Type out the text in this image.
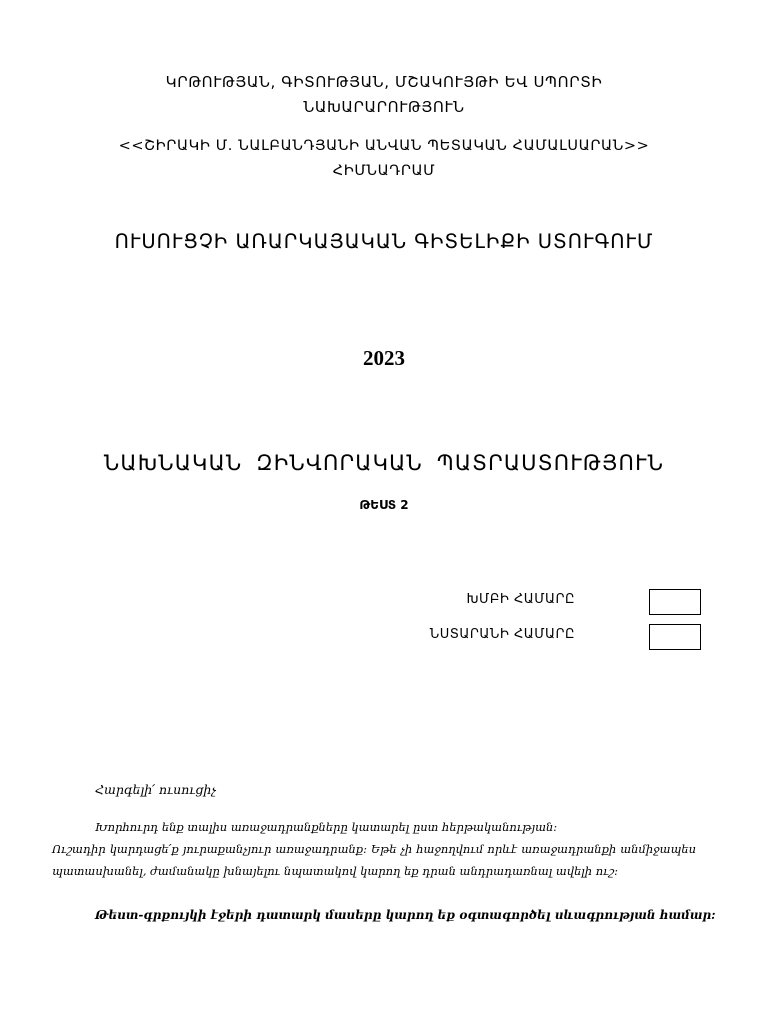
ԿՐԹՈՒԹՅԱՆ, ԳԻՏՈՒԹՅԱՆ, ՄՇԱԿՈՒՅԹԻ ԵՎ ՍՊՈՐՏԻ
ՆԱԽԱՐԱՐՈՒԹՅՈՒՆ
<<ՇԻՐԱԿԻ Մ. ՆԱԼԲԱՆԴՅԱՆԻ ԱՆՎԱՆ ՊԵՏԱԿԱՆ ՀԱՄԱԼՍԱՐԱՆ>>
ՀԻՄՆԱԴՐԱՄ
ՈՒՍՈՒՑՉԻ ԱՌԱՐԿԱՅԱԿԱՆ ԳԻՏԵԼԻՔԻ ՍՏՈՒԳՈՒՄ
2023
ՆԱԽՆԱԿԱՆ ԶԻՆՎՈՐԱԿԱՆ ՊԱՏՐԱՍՏՈՒԹՅՈՒՆ
ԹԵՍՏ 2
ԽՄԲԻ ՀԱՄԱՐԸ
ՆՍՏԱՐԱՆԻ ՀԱՄԱՐԸ
Հարգելի՛ ուսուցիչ
Խորհուրդ ենք տալիս առաջադրանքները կատարել ըստ հերթականության:
Ուշադիր կարդացե՛ք յուրաքանչյուր առաջադրանք: Եթե չի հաջողվում որևէ առաջադրանքի անմիջապես պատասխանել, ժամանակը խնայելու նպատակով կարող եք դրան անդրադառնալ ավելի ուշ:
Թեստ-գրքույկի էջերի դատարկ մասերը կարող եք օգտագործել սևագրության համար:
